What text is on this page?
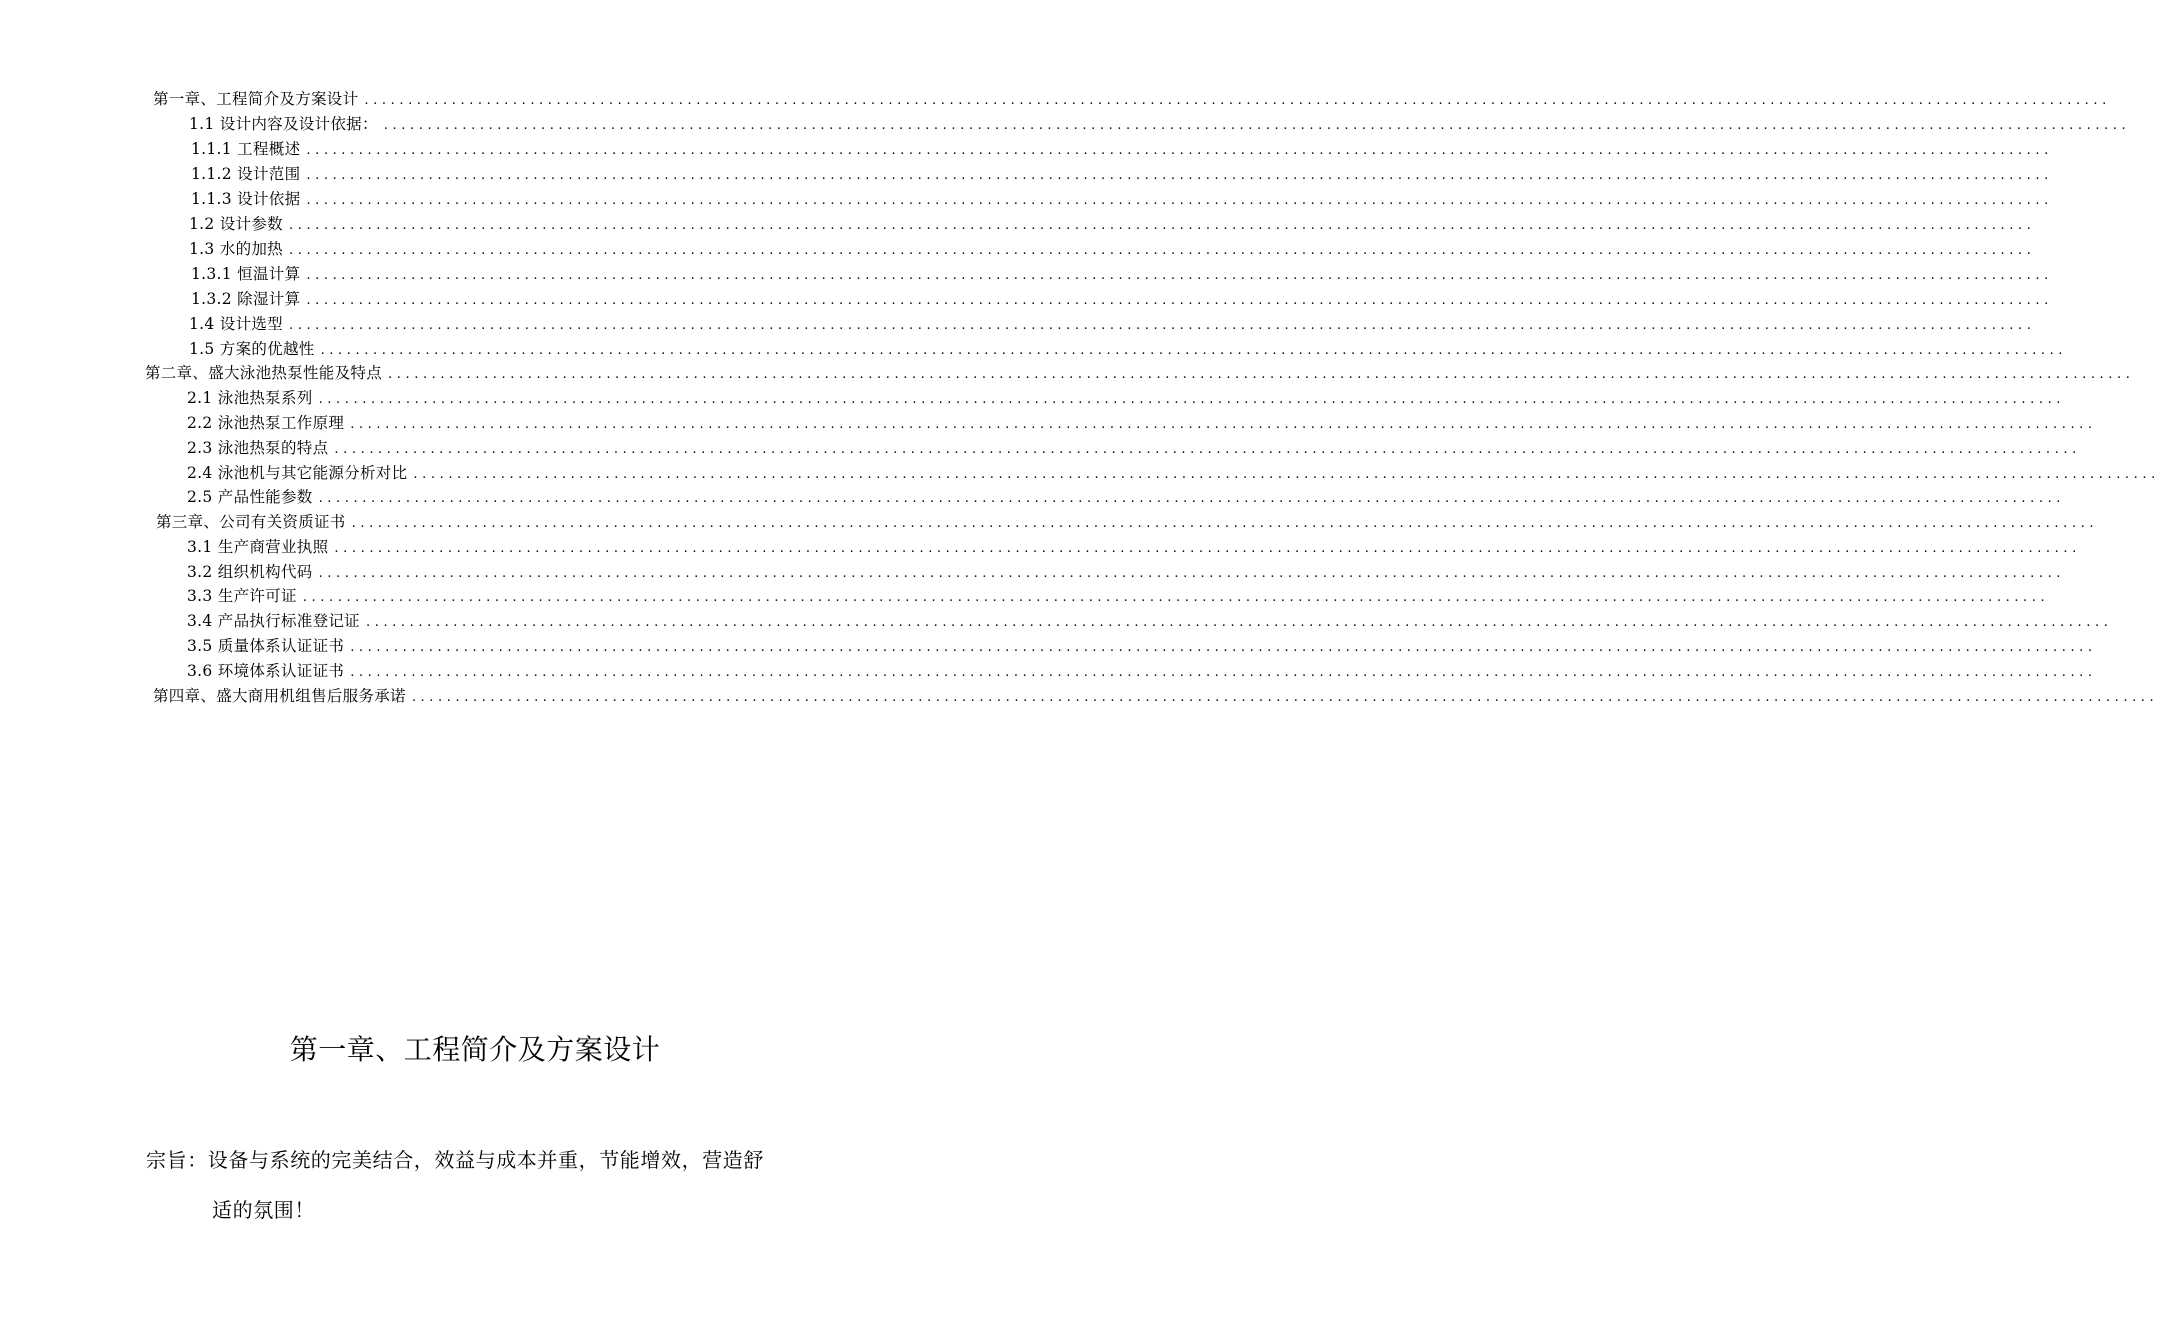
第一章、工程简介及方案设计 ........................................................................................................................................................................................................
1.1 设计内容及设计依据： ........................................................................................................................................................................................................
1.1.1 工程概述 ........................................................................................................................................................................................................
1.1.2 设计范围 ........................................................................................................................................................................................................
1.1.3 设计依据 ........................................................................................................................................................................................................
1.2 设计参数 ........................................................................................................................................................................................................
1.3 水的加热 ........................................................................................................................................................................................................
1.3.1 恒温计算 ........................................................................................................................................................................................................
1.3.2 除湿计算 ........................................................................................................................................................................................................
1.4 设计选型 ........................................................................................................................................................................................................
1.5 方案的优越性 ........................................................................................................................................................................................................
第二章、盛大泳池热泵性能及特点 ........................................................................................................................................................................................................
2.1 泳池热泵系列 ........................................................................................................................................................................................................
2.2 泳池热泵工作原理 ........................................................................................................................................................................................................
2.3 泳池热泵的特点 ........................................................................................................................................................................................................
2.4 泳池机与其它能源分析对比 ........................................................................................................................................................................................................
2.5 产品性能参数 ........................................................................................................................................................................................................
第三章、公司有关资质证书 ........................................................................................................................................................................................................
3.1 生产商营业执照 ........................................................................................................................................................................................................
3.2 组织机构代码 ........................................................................................................................................................................................................
3.3 生产许可证 ........................................................................................................................................................................................................
3.4 产品执行标准登记证 ........................................................................................................................................................................................................
3.5 质量体系认证证书 ........................................................................................................................................................................................................
3.6 环境体系认证证书 ........................................................................................................................................................................................................
第四章、盛大商用机组售后服务承诺 ........................................................................................................................................................................................................
第一章、工程简介及方案设计
宗旨：设备与系统的完美结合，效益与成本并重，节能增效，营造舒
适的氛围！
